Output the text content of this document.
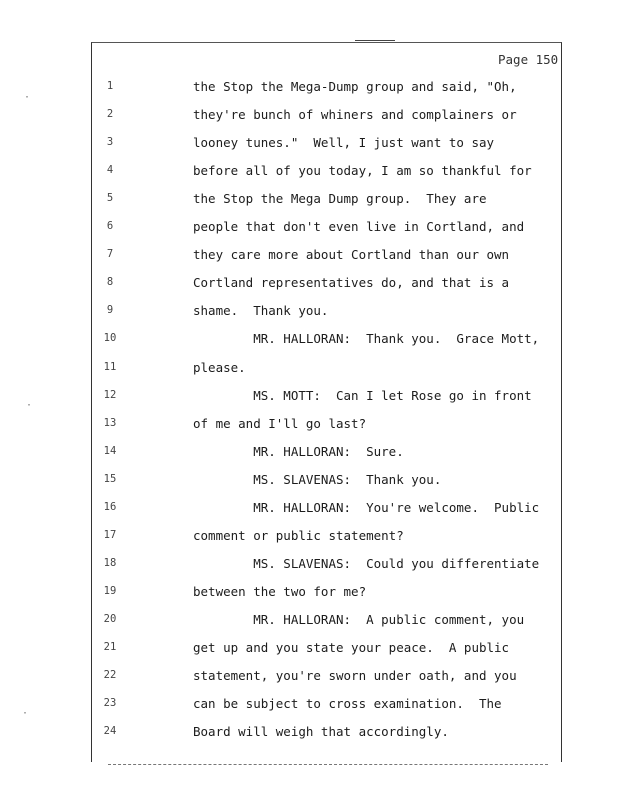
Page 150
1	the Stop the Mega-Dump group and said, "Oh,
2	they're bunch of whiners and complainers or
3	looney tunes."  Well, I just want to say
4	before all of you today, I am so thankful for
5	the Stop the Mega Dump group.  They are
6	people that don't even live in Cortland, and
7	they care more about Cortland than our own
8	Cortland representatives do, and that is a
9	shame.  Thank you.
10	MR. HALLORAN:  Thank you.  Grace Mott,
11	please.
12	MS. MOTT:  Can I let Rose go in front
13	of me and I'll go last?
14	MR. HALLORAN:  Sure.
15	MS. SLAVENAS:  Thank you.
16	MR. HALLORAN:  You're welcome.  Public
17	comment or public statement?
18	MS. SLAVENAS:  Could you differentiate
19	between the two for me?
20	MR. HALLORAN:  A public comment, you
21	get up and you state your peace.  A public
22	statement, you're sworn under oath, and you
23	can be subject to cross examination.  The
24	Board will weigh that accordingly.
·
·
·
